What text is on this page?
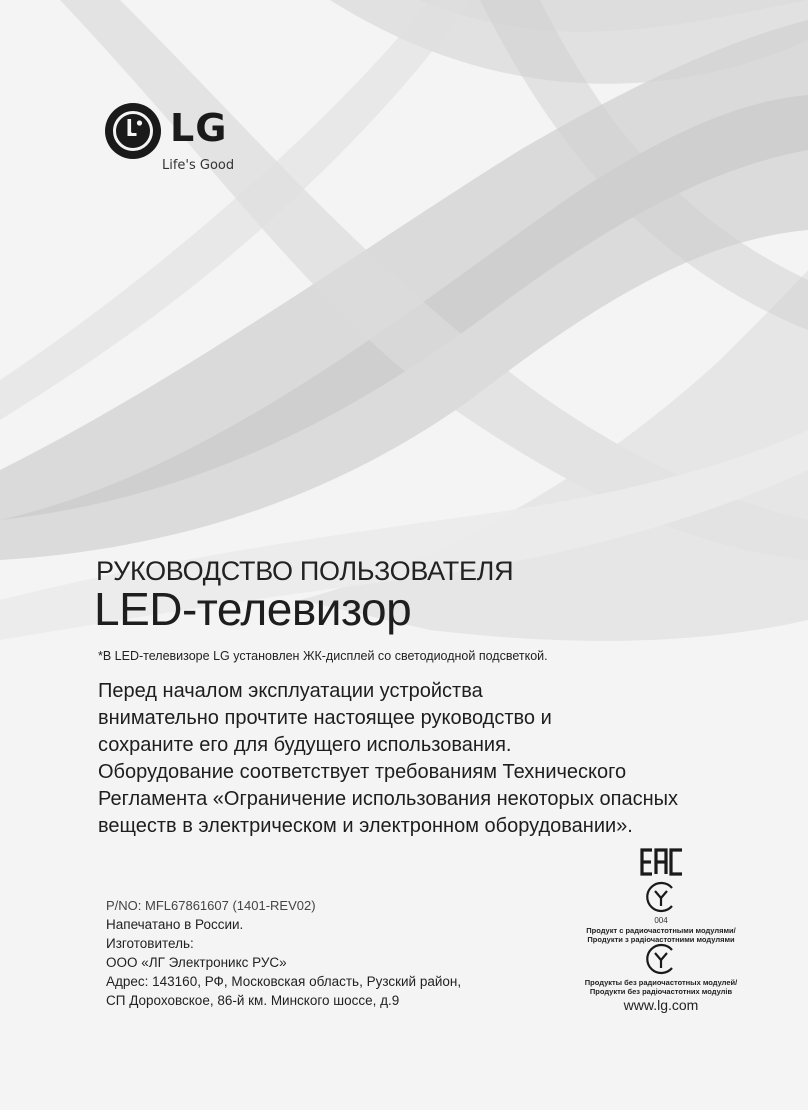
LG
Life's Good
РУКОВОДСТВО ПОЛЬЗОВАТЕЛЯ
LED-телевизор
*В LED-телевизоре LG установлен ЖК-дисплей со светодиодной подсветкой.
Перед началом эксплуатации устройства
внимательно прочтите настоящее руководство и
сохраните его для будущего использования.
Оборудование соответствует требованиям Технического
Регламента «Ограничение использования некоторых опасных
веществ в электрическом и электронном оборудовании».
P/NO: MFL67861607 (1401-REV02)
Напечатано в России.
Изготовитель:
ООО «ЛГ Электроникс РУС»
Адрес: 143160, РФ, Московская область, Рузский район,
СП Дороховское, 86-й км. Минского шоссе, д.9
004
Продукт с радиочастотными модулями/
Продукти з радіочастотними модулями
Продукты без радиочастотных модулей/
Продукти без радіочастотних модулів
www.lg.com
